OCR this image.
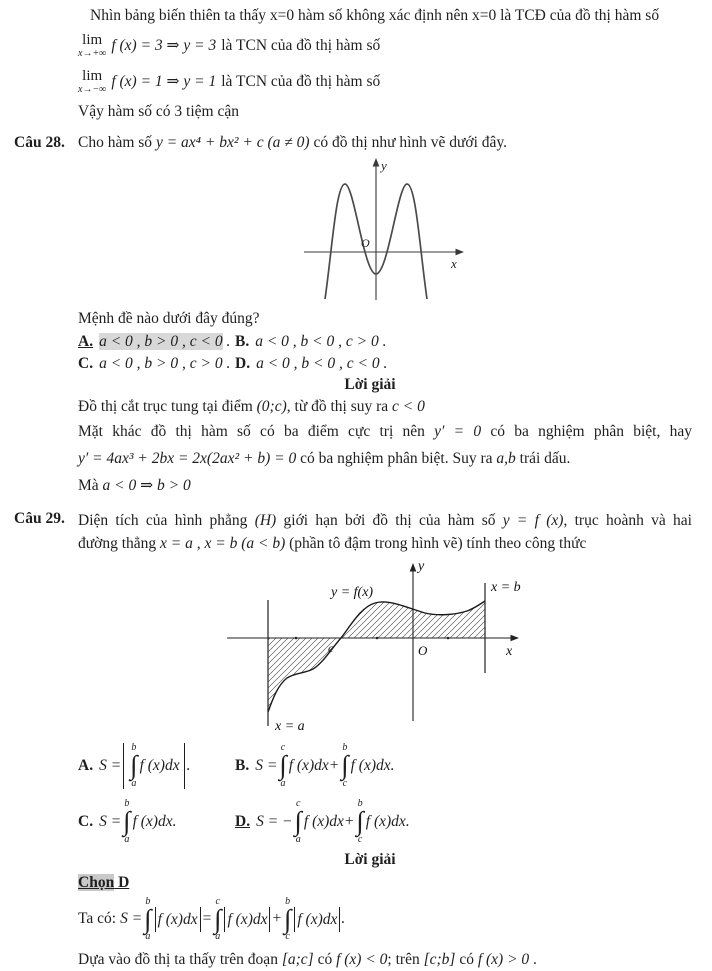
Nhìn bảng biến thiên ta thấy x=0 hàm số không xác định nên x=0 là TCĐ của đồ thị hàm số

lim
x→+∞ f (x) = 3 ⇒ y = 3 là TCN của đồ thị hàm số
lim
x→−∞ f (x) = 1 ⇒ y = 1 là TCN của đồ thị hàm số

Vậy hàm số có 3 tiệm cận

Câu 28. Cho hàm số y = ax⁴ + bx² + c (a ≠ 0) có đồ thị như hình vẽ dưới đây.
y
x
O

Mệnh đề nào dưới đây đúng?

A. a < 0 , b > 0 , c < 0 . B. a < 0 , b < 0 , c > 0 .
C. a < 0 , b > 0 , c > 0 . D. a < 0 , b < 0 , c < 0 .

Lời giải

Đồ thị cắt trục tung tại điểm (0;c), từ đồ thị suy ra c < 0

Mặt khác đồ thị hàm số có ba điểm cực trị nên y′ = 0 có ba nghiệm phân biệt, hay

y′ = 4ax³ + 2bx = 2x(2ax² + b) = 0 có ba nghiệm phân biệt. Suy ra a,b trái dấu.

Mà a < 0 ⇒ b > 0

Câu 29. Diện tích của hình phẳng (H) giới hạn bởi đồ thị của hàm số y = f (x), trục hoành và hai
đường thẳng x = a , x = b (a < b) (phần tô đậm trong hình vẽ) tính theo công thức
y
x
O
c
y = f(x)	x = b
x = a
A. S =
b
∫
a
f (x)dx .	B. S =
c
∫
a
f (x)dx +
b
∫
c
f (x)dx .
C. S =
b
∫
a
f (x)dx .	D. S = −
c
∫
a
f (x)dx +
b
∫
c
f (x)dx .

Lời giải

Chọn D

Ta có: S =
b
∫
a
f (x)dx =
c
∫
a
f (x)dx +
b
∫
c
f (x)dx .

Dựa vào đồ thị ta thấy trên đoạn [a;c] có f (x) < 0; trên [c;b] có f (x) > 0 .
